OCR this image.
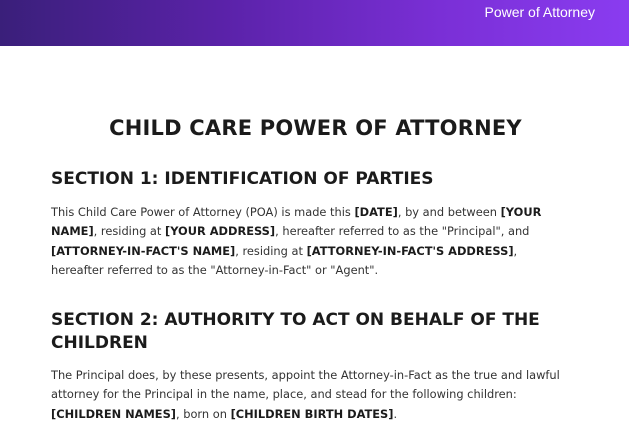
Power of Attorney
CHILD CARE POWER OF ATTORNEY
SECTION 1: IDENTIFICATION OF PARTIES

This Child Care Power of Attorney (POA) is made this [DATE], by and between [YOUR NAME], residing at [YOUR ADDRESS], hereafter referred to as the "Principal", and [ATTORNEY-IN-FACT'S NAME], residing at [ATTORNEY-IN-FACT'S ADDRESS], hereafter referred to as the "Attorney-in-Fact" or "Agent".

SECTION 2: AUTHORITY TO ACT ON BEHALF OF THE CHILDREN

The Principal does, by these presents, appoint the Attorney-in-Fact as the true and lawful attorney for the Principal in the name, place, and stead for the following children: [CHILDREN NAMES], born on [CHILDREN BIRTH DATES].
